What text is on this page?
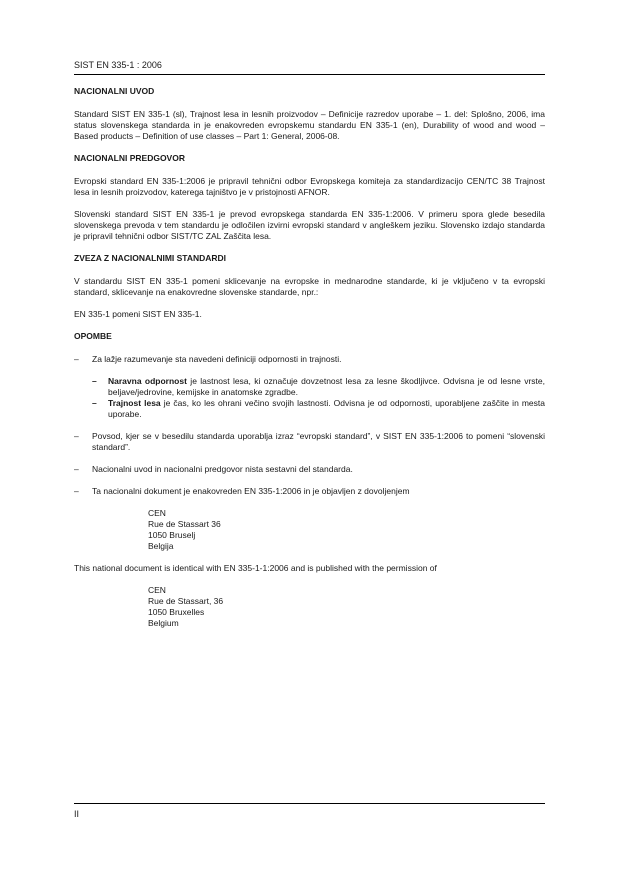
SIST EN 335-1 : 2006
NACIONALNI UVOD

Standard SIST EN 335-1 (sl), Trajnost lesa in lesnih proizvodov – Definicije razredov uporabe – 1. del: Splošno, 2006, ima status slovenskega standarda in je enakovreden evropskemu standardu EN 335-1 (en), Durability of wood and wood – Based products – Definition of use classes – Part 1: General, 2006-08.

NACIONALNI PREDGOVOR

Evropski standard EN 335-1:2006 je pripravil tehnični odbor Evropskega komiteja za standardizacijo CEN/TC 38 Trajnost lesa in lesnih proizvodov, katerega tajništvo je v pristojnosti AFNOR.

Slovenski standard SIST EN 335-1 je prevod evropskega standarda EN 335-1:2006. V primeru spora glede besedila slovenskega prevoda v tem standardu je odločilen izvirni evropski standard v angleškem jeziku. Slovensko izdajo standarda je pripravil tehnični odbor SIST/TC ZAL Zaščita lesa.

ZVEZA Z NACIONALNIMI STANDARDI

V standardu SIST EN 335-1 pomeni sklicevanje na evropske in mednarodne standarde, ki je vključeno v ta evropski standard, sklicevanje na enakovredne slovenske standarde, npr.:

EN 335-1 pomeni SIST EN 335-1.

OPOMBE
– Za lažje razumevanje sta navedeni definiciji odpornosti in trajnosti.
– Naravna odpornost je lastnost lesa, ki označuje dovzetnost lesa za lesne škodljivce. Odvisna je od lesne vrste, beljave/jedrovine, kemijske in anatomske zgradbe.
– Trajnost lesa je čas, ko les ohrani večino svojih lastnosti. Odvisna je od odpornosti, uporabljene zaščite in mesta uporabe.
– Povsod, kjer se v besedilu standarda uporablja izraz “evropski standard”, v SIST EN 335-1:2006 to pomeni “slovenski standard”.
– Nacionalni uvod in nacionalni predgovor nista sestavni del standarda.
– Ta nacionalni dokument je enakovreden EN 335-1:2006 in je objavljen z dovoljenjem
CEN
Rue de Stassart 36
1050 Bruselj
Belgija

This national document is identical with EN 335-1-1:2006 and is published with the permission of

CEN
Rue de Stassart, 36
1050 Bruxelles
Belgium
II
